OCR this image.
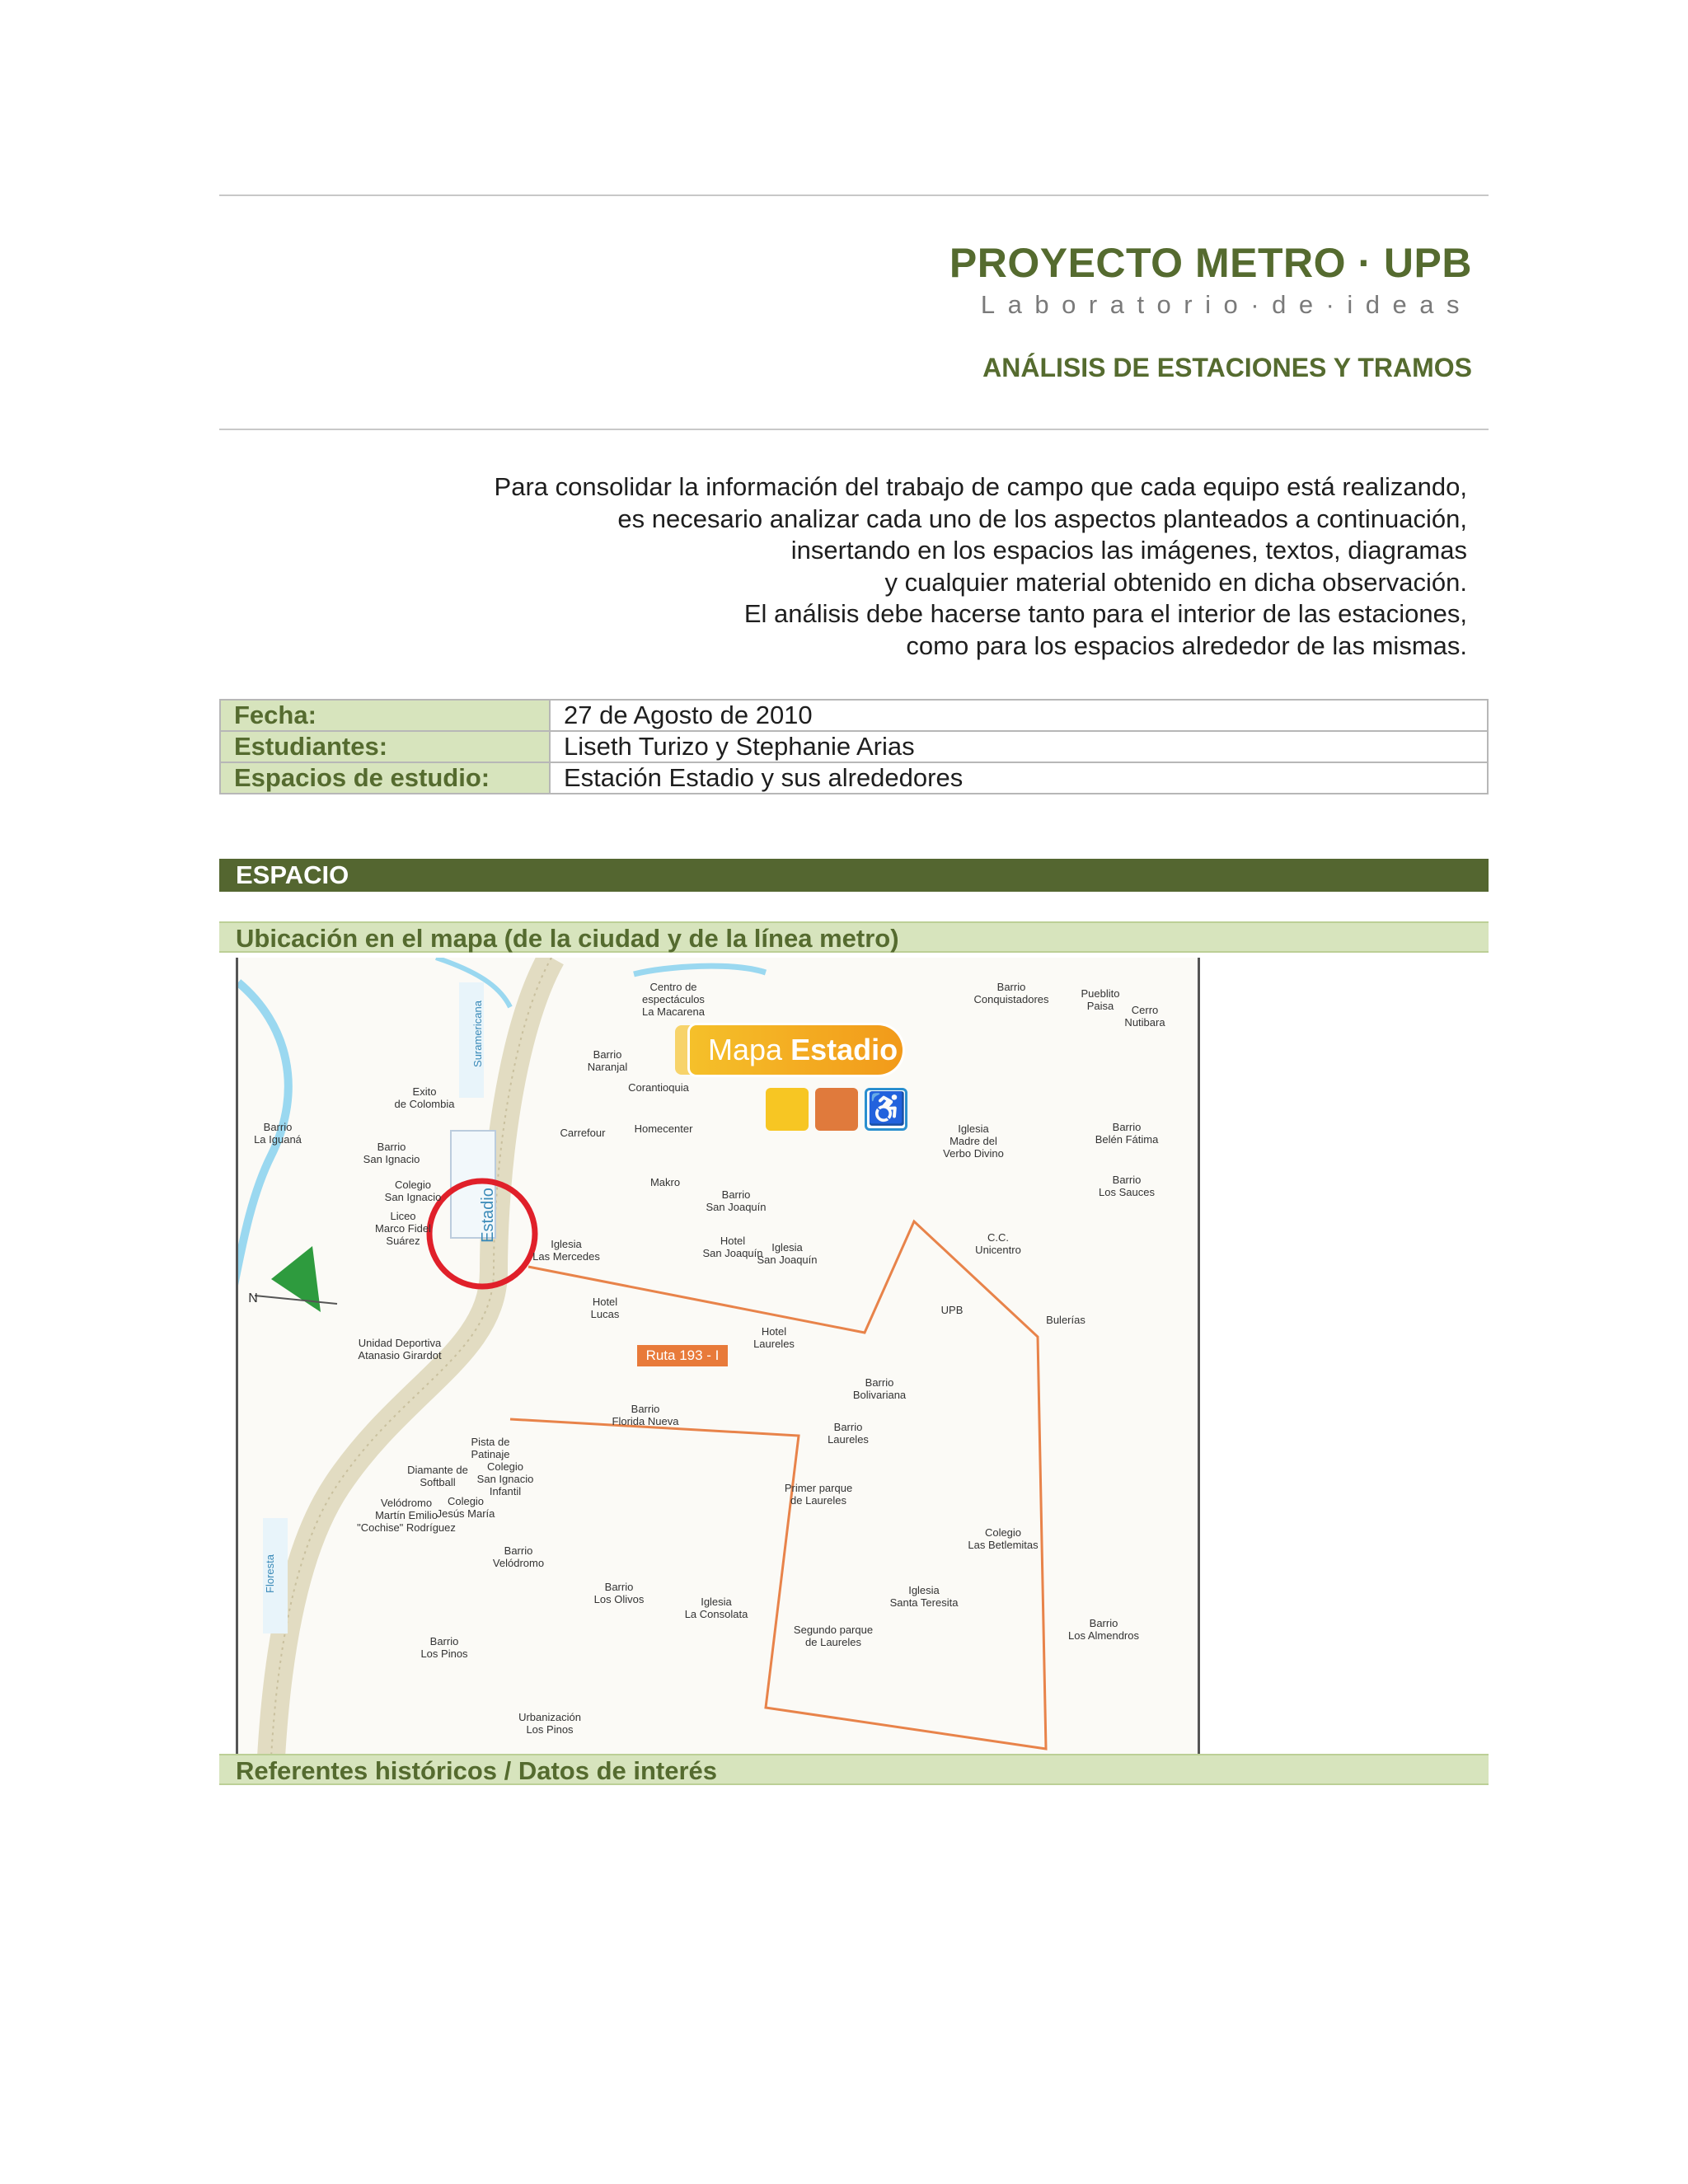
PROYECTO METRO · UPB
Laboratorio·de·ideas
ANÁLISIS DE ESTACIONES Y TRAMOS

Para consolidar la información del trabajo de campo que cada equipo está realizando,

es necesario analizar cada uno de los aspectos planteados a continuación,

insertando en los espacios las imágenes, textos, diagramas

y cualquier material obtenido en dicha observación.

El análisis debe hacerse tanto para el interior de las estaciones,

como para los espacios alrededor de las mismas.

Fecha:	27 de Agosto de 2010
Estudiantes:	Liseth Turizo y Stephanie Arias
Espacios de estudio:	Estación Estadio y sus alrededores
ESPACIO
Ubicación en el mapa (de la ciudad y de la línea metro)
N
Mapa Estadio
♿
Ruta 193 - I
Estadio
Suramericana
Floresta
Centro de
espectáculos
La Macarena
Barrio
Conquistadores	Pueblito
Paisa	Cerro
Nutibara
Barrio
Naranjal
Corantioquia
Exito
de Colombia
Barrio
La Iguaná
Carrefour	Homecenter	Iglesia
Madre del
Verbo Divino
Barrio
Belén Fátima
Barrio
San Ignacio
Colegio
San Ignacio
Makro
Barrio
San Joaquín
Barrio
Los Sauces
Liceo
Marco Fidel
Suárez	Iglesia
Las Mercedes
Hotel
San Joaquín Iglesia
San Joaquín
C.C.
Unicentro
Hotel
Lucas	UPB
Bulerías
Hotel
Laureles
Unidad Deportiva
Atanasio Girardot
Barrio
Bolivariana
Barrio
Florida Nueva	Barrio
Laureles
Pista de
Patinaje
Diamante de
Softball
Colegio
San Ignacio
Infantil	Primer parque
de Laureles
Velódromo
Martín Emilio
"Cochise" Rodríguez
Colegio
Jesús María
Colegio
Las Betlemitas
Barrio
Velódromo
Barrio
Los Olivos	Iglesia
La Consolata
Iglesia
Santa Teresita
Segundo parque
de Laureles
Barrio
Los Almendros
Barrio
Los Pinos
Urbanización
Los Pinos
Referentes históricos / Datos de interés
